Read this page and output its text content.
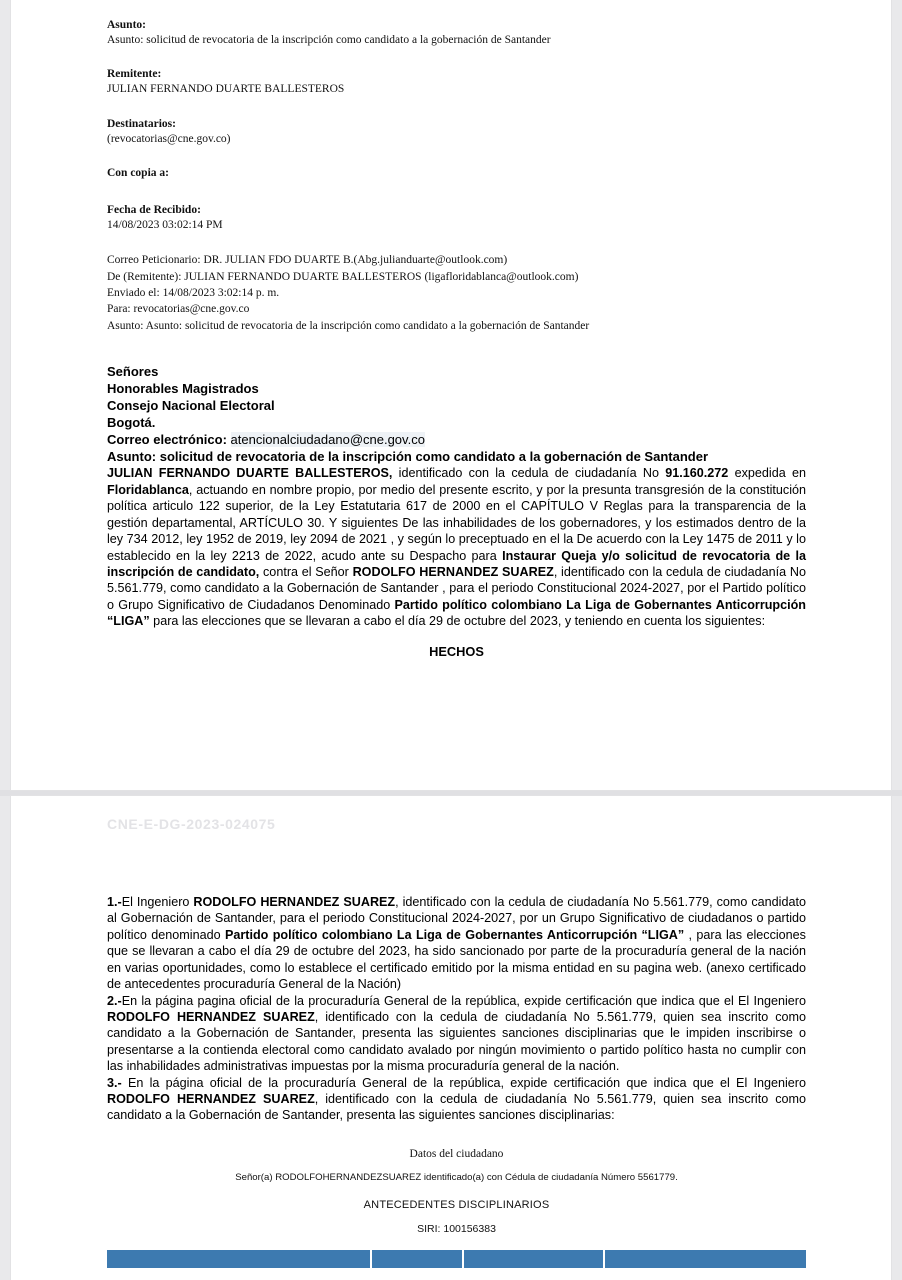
Asunto:
Asunto: solicitud de revocatoria de la inscripción como candidato a la gobernación de Santander
Remitente:
JULIAN FERNANDO DUARTE BALLESTEROS
Destinatarios:
(revocatorias@cne.gov.co)
Con copia a:
Fecha de Recibido:
14/08/2023 03:02:14 PM
Correo Peticionario: DR. JULIAN FDO DUARTE B.(Abg.julianduarte@outlook.com)
De (Remitente): JULIAN FERNANDO DUARTE BALLESTEROS (ligafloridablanca@outlook.com)
Enviado el: 14/08/2023 3:02:14 p. m.
Para: revocatorias@cne.gov.co
Asunto: Asunto: solicitud de revocatoria de la inscripción como candidato a la gobernación de Santander
Señores
Honorables Magistrados
Consejo Nacional Electoral
Bogotá.
Correo electrónico: atencionalciudadano@cne.gov.co
Asunto: solicitud de revocatoria de la inscripción como candidato a la gobernación de Santander

JULIAN FERNANDO DUARTE BALLESTEROS, identificado con la cedula de ciudadanía No 91.160.272 expedida en Floridablanca, actuando en nombre propio, por medio del presente escrito, y por la presunta transgresión de la constitución política articulo 122 superior, de la Ley Estatutaria 617 de 2000 en el CAPÍTULO V Reglas para la transparencia de la gestión departamental, ARTÍCULO 30. Y siguientes De las inhabilidades de los gobernadores, y los estimados dentro de la ley 734 2012, ley 1952 de 2019, ley 2094 de 2021 , y según lo preceptuado en el la De acuerdo con la Ley 1475 de 2011 y lo establecido en la ley 2213 de 2022, acudo ante su Despacho para Instaurar Queja y/o solicitud de revocatoria de la inscripción de candidato, contra el Señor RODOLFO HERNANDEZ SUAREZ, identificado con la cedula de ciudadanía No 5.561.779, como candidato a la Gobernación de Santander , para el periodo Constitucional 2024-2027, por el Partido político o Grupo Significativo de Ciudadanos Denominado Partido político colombiano La Liga de Gobernantes Anticorrupción “LIGA” para las elecciones que se llevaran a cabo el día 29 de octubre del 2023, y teniendo en cuenta los siguientes:

HECHOS
CNE-E-DG-2023-024075

1.-El Ingeniero RODOLFO HERNANDEZ SUAREZ, identificado con la cedula de ciudadanía No 5.561.779, como candidato al Gobernación de Santander, para el periodo Constitucional 2024-2027, por un Grupo Significativo de ciudadanos o partido político denominado Partido político colombiano La Liga de Gobernantes Anticorrupción “LIGA” , para las elecciones que se llevaran a cabo el día 29 de octubre del 2023, ha sido sancionado por parte de la procuraduría general de la nación en varias oportunidades, como lo establece el certificado emitido por la misma entidad en su pagina web. (anexo certificado de antecedentes procuraduría General de la Nación)

2.-En la página pagina oficial de la procuraduría General de la república, expide certificación que indica que el El Ingeniero RODOLFO HERNANDEZ SUAREZ, identificado con la cedula de ciudadanía No 5.561.779, quien sea inscrito como candidato a la Gobernación de Santander, presenta las siguientes sanciones disciplinarias que le impiden inscribirse o presentarse a la contienda electoral como candidato avalado por ningún movimiento o partido político hasta no cumplir con las inhabilidades administrativas impuestas por la misma procuraduría general de la nación.

3.- En la página oficial de la procuraduría General de la república, expide certificación que indica que el El Ingeniero RODOLFO HERNANDEZ SUAREZ, identificado con la cedula de ciudadanía No 5.561.779, quien sea inscrito como candidato a la Gobernación de Santander, presenta las siguientes sanciones disciplinarias:

Datos del ciudadano
Señor(a) RODOLFOHERNANDEZSUAREZ identificado(a) con Cédula de ciudadanía Número 5561779.
ANTECEDENTES DISCIPLINARIOS
SIRI: 100156383
